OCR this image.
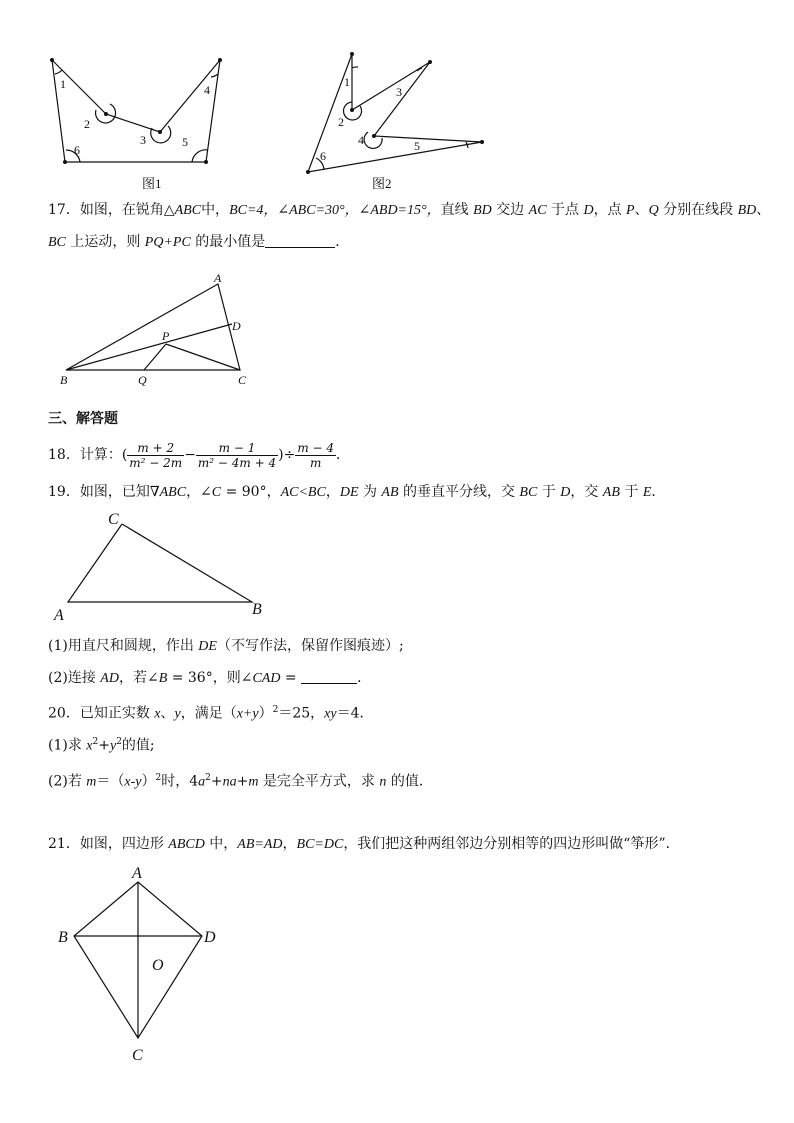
1
2
3
4
5
6
图1
1
2
3
4	5
6
图2
17．如图，在锐角△ABC中，BC=4，∠ABC=30°，∠ABD=15°，直线 BD 交边 AC 于点 D，点 P、Q 分别在线段 BD、
BC 上运动，则 PQ+PC 的最小值是	．
A
D
P
B	Q	C
三、解答题
18．计算：( $\frac{m + 2}{\text{m² − 2m}} - \frac{m - 1}{\text{m² − 4m + 4}}$ )÷ $\frac{m - 4}{m}$ ．
19．如图，已知∇ABC，∠C = 90°，AC<BC，DE 为 AB 的垂直平分线，交 BC 于 D，交 AB 于 E．
C
A	B
(1)用直尺和圆规，作出 DE（不写作法，保留作图痕迹）;
(2)连接 AD，若∠B = 36°，则∠CAD =	．
20．已知正实数 x、y，满足$(x+y)^2=25$，xy＝4．
(1)求 $x^2+y^2$的值;
(2)若 $m=(x-y)^2$时，$4a^2+na+m$ 是完全平方式，求 n 的值．
21．如图，四边形 ABCD 中，AB=AD，BC=DC，我们把这种两组邻边分别相等的四边形叫做“筝形”．
A
B	D
O
C
